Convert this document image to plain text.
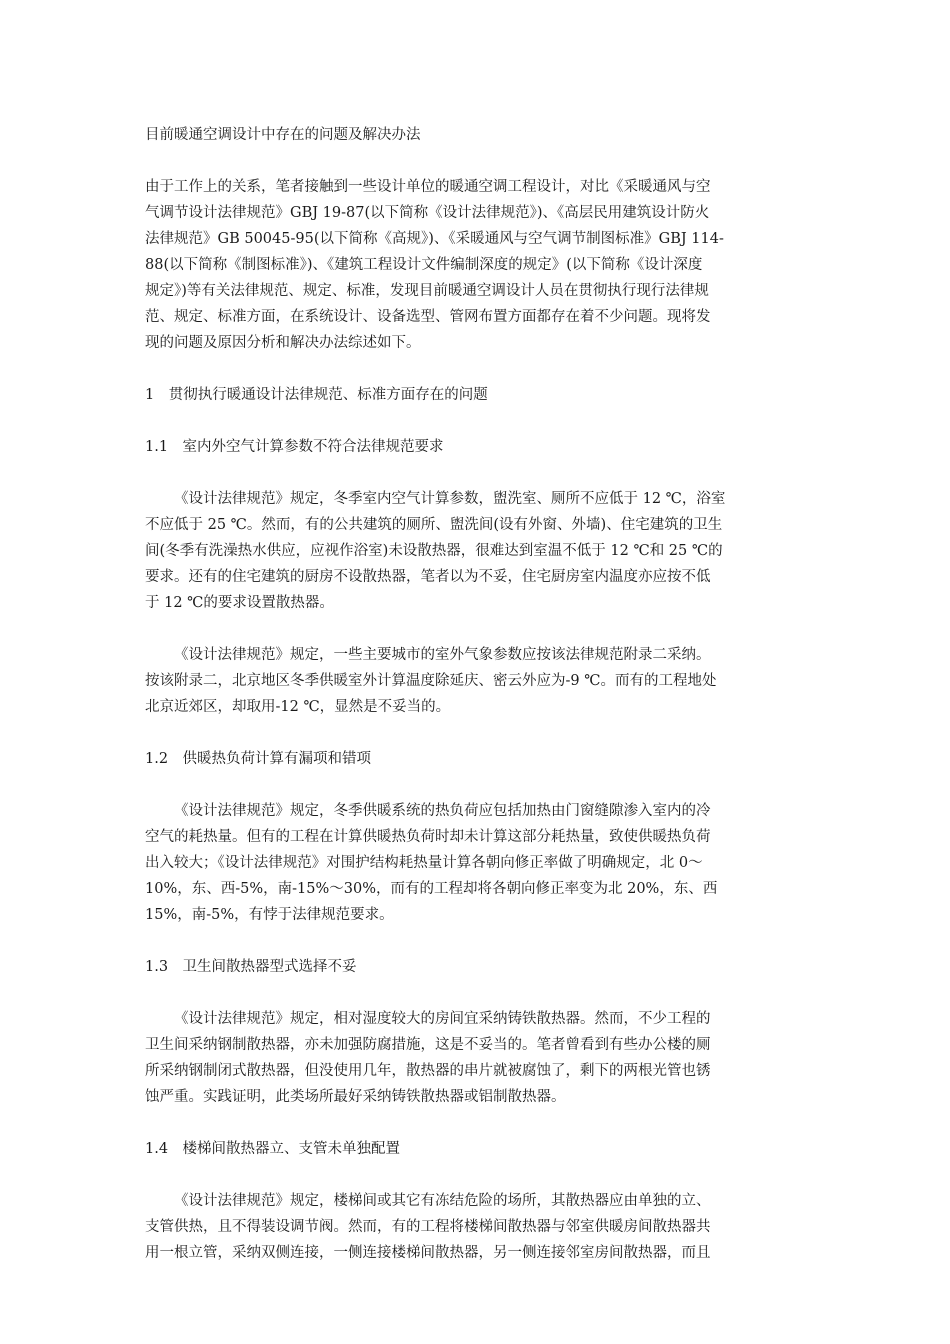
目前暖通空调设计中存在的问题及解决办法
由于工作上的关系，笔者接触到一些设计单位的暖通空调工程设计，对比《采暖通风与空
气调节设计法律规范》GBJ 19-87(以下简称《设计法律规范》)、《高层民用建筑设计防火
法律规范》GB 50045-95(以下简称《高规》)、《采暖通风与空气调节制图标准》GBJ 114-
88(以下简称《制图标准》)、《建筑工程设计文件编制深度的规定》(以下简称《设计深度
规定》)等有关法律规范、规定、标准，发现目前暖通空调设计人员在贯彻执行现行法律规
范、规定、标准方面，在系统设计、设备选型、管网布置方面都存在着不少问题。现将发
现的问题及原因分析和解决办法综述如下。
1　贯彻执行暖通设计法律规范、标准方面存在的问题
1.1　室内外空气计算参数不符合法律规范要求
《设计法律规范》规定，冬季室内空气计算参数，盥洗室、厕所不应低于 12 ℃，浴室
不应低于 25 ℃。然而，有的公共建筑的厕所、盥洗间(设有外窗、外墙)、住宅建筑的卫生
间(冬季有洗澡热水供应，应视作浴室)未设散热器，很难达到室温不低于 12 ℃和 25 ℃的
要求。还有的住宅建筑的厨房不设散热器，笔者以为不妥，住宅厨房室内温度亦应按不低
于 12 ℃的要求设置散热器。
《设计法律规范》规定，一些主要城市的室外气象参数应按该法律规范附录二采纳。
按该附录二，北京地区冬季供暖室外计算温度除延庆、密云外应为-9 ℃。而有的工程地处
北京近郊区，却取用-12 ℃，显然是不妥当的。
1.2　供暖热负荷计算有漏项和错项
《设计法律规范》规定，冬季供暖系统的热负荷应包括加热由门窗缝隙渗入室内的冷
空气的耗热量。但有的工程在计算供暖热负荷时却未计算这部分耗热量，致使供暖热负荷
出入较大；《设计法律规范》对围护结构耗热量计算各朝向修正率做了明确规定，北 0～
10%，东、西-5%，南-15%～30%，而有的工程却将各朝向修正率变为北 20%，东、西
15%，南-5%，有悖于法律规范要求。
1.3　卫生间散热器型式选择不妥
《设计法律规范》规定，相对湿度较大的房间宜采纳铸铁散热器。然而，不少工程的
卫生间采纳钢制散热器，亦未加强防腐措施，这是不妥当的。笔者曾看到有些办公楼的厕
所采纳钢制闭式散热器，但没使用几年，散热器的串片就被腐蚀了，剩下的两根光管也锈
蚀严重。实践证明，此类场所最好采纳铸铁散热器或铝制散热器。
1.4　楼梯间散热器立、支管未单独配置
《设计法律规范》规定，楼梯间或其它有冻结危险的场所，其散热器应由单独的立、
支管供热，且不得装设调节阀。然而，有的工程将楼梯间散热器与邻室供暖房间散热器共
用一根立管，采纳双侧连接，一侧连接楼梯间散热器，另一侧连接邻室房间散热器，而且
